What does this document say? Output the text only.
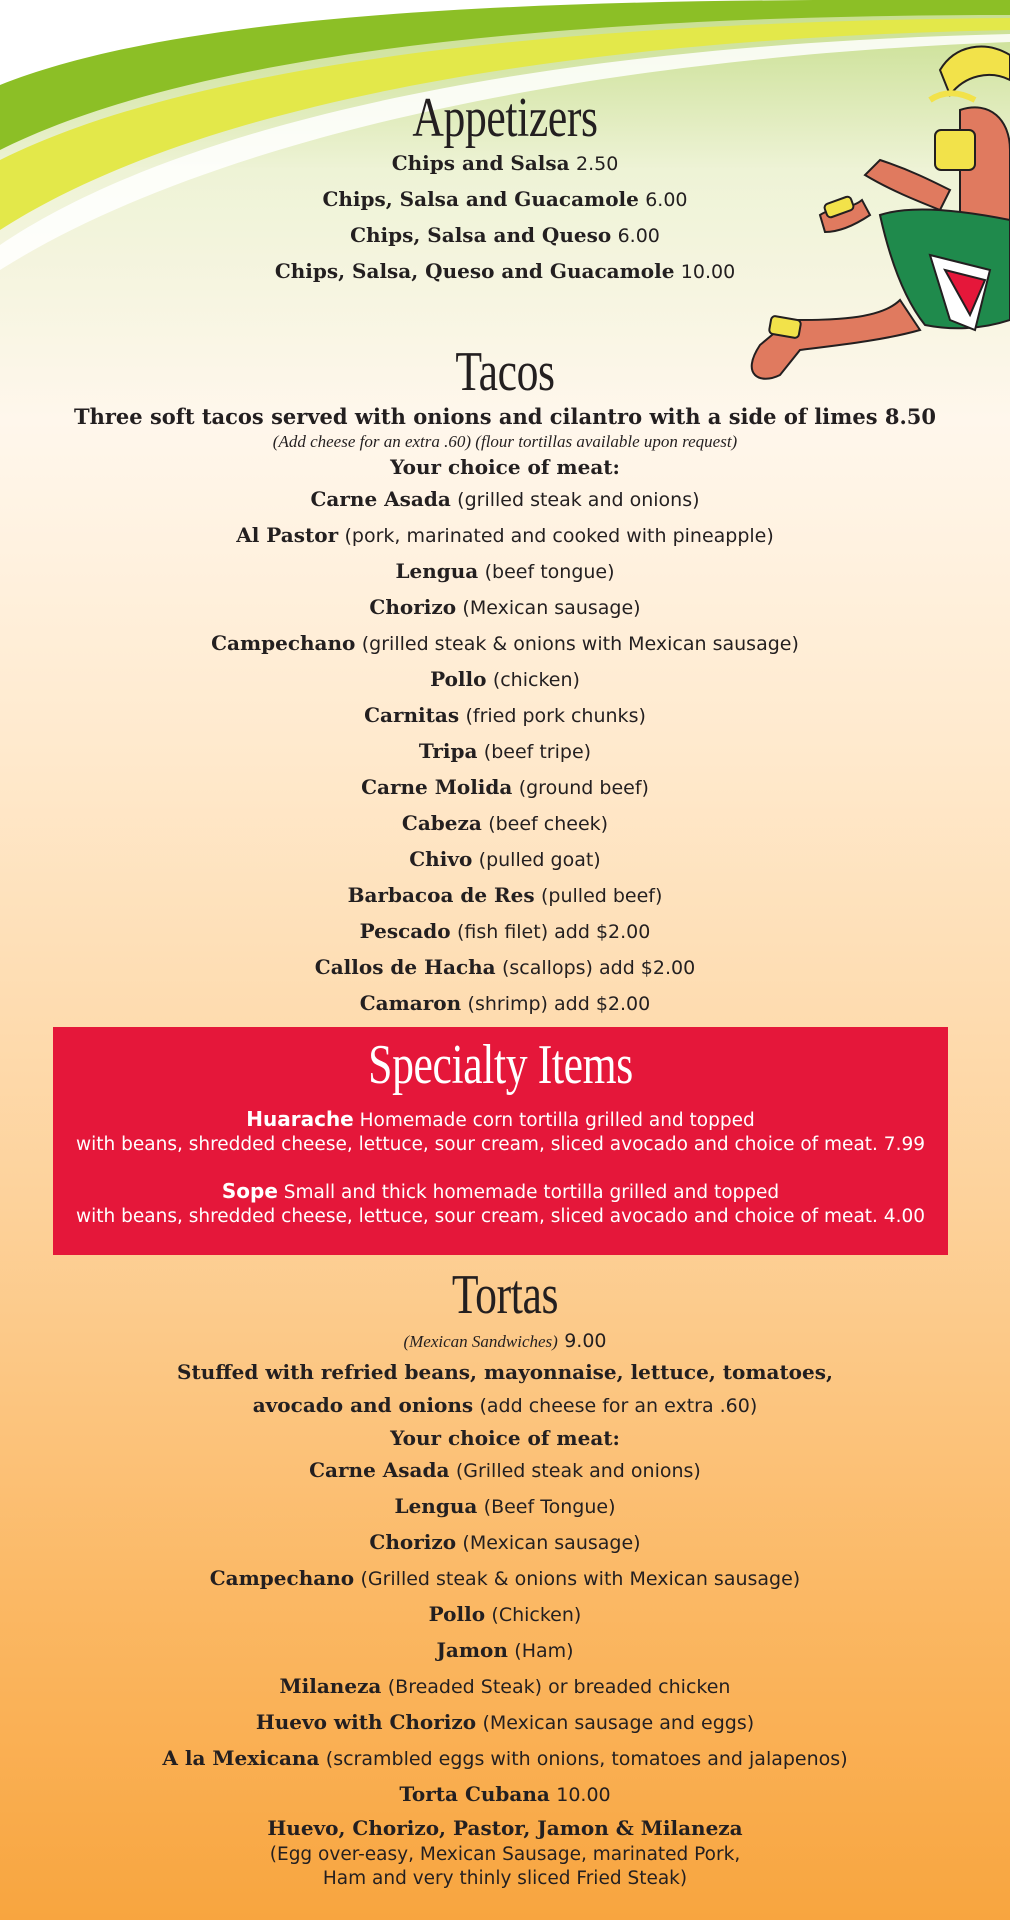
Appetizers
Chips and Salsa 2.50
Chips, Salsa and Guacamole 6.00
Chips, Salsa and Queso 6.00
Chips, Salsa, Queso and Guacamole 10.00
Tacos
Three soft tacos served with onions and cilantro with a side of limes 8.50
(Add cheese for an extra .60) (flour tortillas available upon request)
Your choice of meat:
Carne Asada (grilled steak and onions)
Al Pastor (pork, marinated and cooked with pineapple)
Lengua (beef tongue)
Chorizo (Mexican sausage)
Campechano (grilled steak & onions with Mexican sausage)
Pollo (chicken)
Carnitas (fried pork chunks)
Tripa (beef tripe)
Carne Molida (ground beef)
Cabeza (beef cheek)
Chivo (pulled goat)
Barbacoa de Res (pulled beef)
Pescado (fish filet) add $2.00
Callos de Hacha (scallops) add $2.00
Camaron (shrimp) add $2.00
Specialty Items
Huarache Homemade corn tortilla grilled and topped
with beans, shredded cheese, lettuce, sour cream, sliced avocado and choice of meat. 7.99
Sope Small and thick homemade tortilla grilled and topped
with beans, shredded cheese, lettuce, sour cream, sliced avocado and choice of meat. 4.00
Tortas
(Mexican Sandwiches) 9.00
Stuffed with refried beans, mayonnaise, lettuce, tomatoes,
avocado and onions (add cheese for an extra .60)
Your choice of meat:
Carne Asada (Grilled steak and onions)
Lengua (Beef Tongue)
Chorizo (Mexican sausage)
Campechano (Grilled steak & onions with Mexican sausage)
Pollo (Chicken)
Jamon (Ham)
Milaneza (Breaded Steak) or breaded chicken
Huevo with Chorizo (Mexican sausage and eggs)
A la Mexicana (scrambled eggs with onions, tomatoes and jalapenos)
Torta Cubana 10.00
Huevo, Chorizo, Pastor, Jamon & Milaneza
(Egg over-easy, Mexican Sausage, marinated Pork,
Ham and very thinly sliced Fried Steak)
